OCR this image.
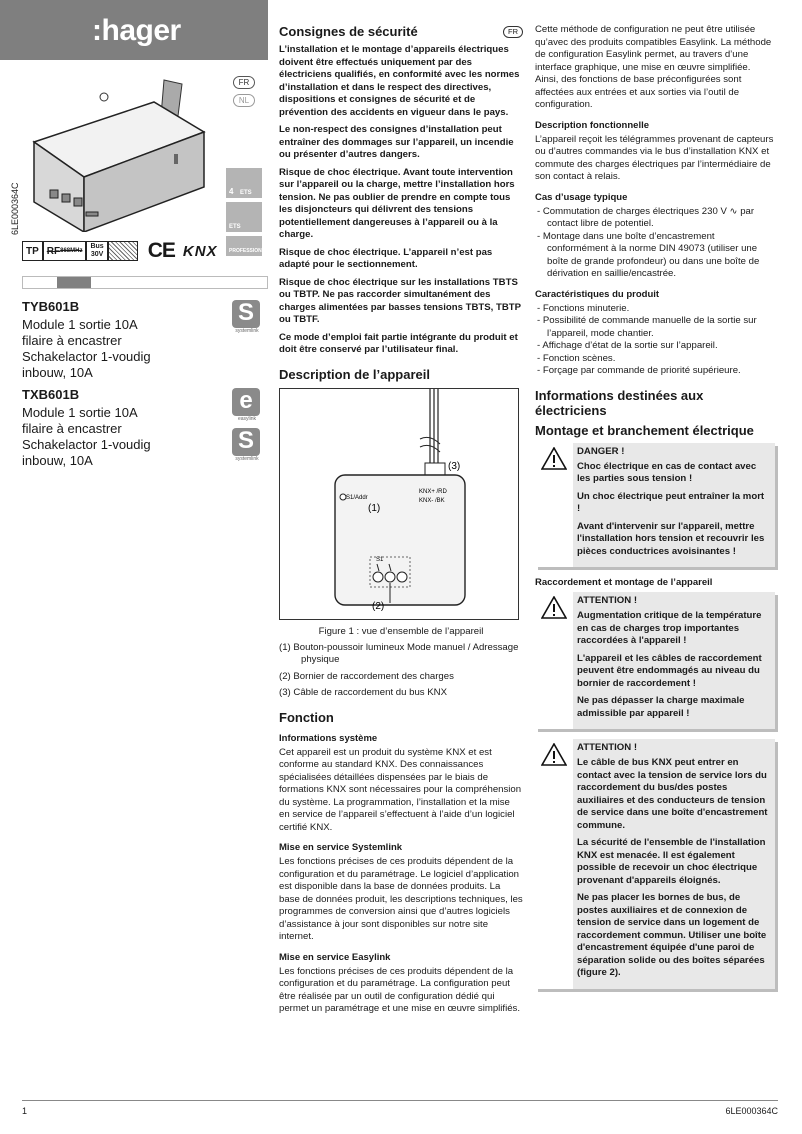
:hager
FR
NL
6LE000364C	4 ETS
ETS
PROFESSIONAL
TP RF 868MHz
Bus
30V CE KNX
TYB601B
Module 1 sortie 10A
filaire à encastrer
Schakelactor 1-voudig
inbouw, 10A
TXB601B
Module 1 sortie 10A
filaire à encastrer
Schakelactor 1-voudig
inbouw, 10A
S
systemlink
e
easylink
S
systemlink
Consignes de sécurité	FR

L’installation et le montage d’appareils électriques doivent être effectués uniquement par des électriciens qualifiés, en conformité avec les normes d’installation et dans le respect des directives, dispositions et consignes de sécurité et de prévention des accidents en vigueur dans le pays.

Le non-respect des consignes d’installation peut entraîner des dommages sur l’appareil, un incendie ou présenter d’autres dangers.

Risque de choc électrique. Avant toute intervention sur l’appareil ou la charge, mettre l’installation hors tension. Ne pas oublier de prendre en compte tous les disjoncteurs qui délivrent des tensions potentiellement dangereuses à l’appareil ou à la charge.

Risque de choc électrique. L’appareil n’est pas adapté pour le sectionnement.

Risque de choc électrique sur les installations TBTS ou TBTP. Ne pas raccorder simultanément des charges alimentées par basses tensions TBTS, TBTP ou TBTF.

Ce mode d’emploi fait partie intégrante du produit et doit être conservé par l’utilisateur final.

Description de l’appareil
S1/Addr
KNX+ /RD
KNX- /BK
S1
(1)
(2)
(3)
Figure 1 : vue d’ensemble de l’appareil
(1) Bouton-poussoir lumineux Mode manuel / Adressage physique
(2) Bornier de raccordement des charges
(3) Câble de raccordement du bus KNX
Fonction
Informations système

Cet appareil est un produit du système KNX et est conforme au standard KNX. Des connaissances spécialisées détaillées dispensées par le biais de formations KNX sont nécessaires pour la compréhension du système. La programmation, l’installation et la mise en service de l’appareil s’effectuent à l’aide d’un logiciel certifié KNX.

Mise en service Systemlink

Les fonctions précises de ces produits dépendent de la configuration et du paramétrage. Le logiciel d’application est disponible dans la base de données produits. La base de données produit, les descriptions techniques, les programmes de conversion ainsi que d’autres logiciels d’assistance à jour sont disponibles sur notre site internet.

Mise en service Easylink

Les fonctions précises de ces produits dépendent de la configuration et du paramétrage. La configuration peut être réalisée par un outil de configuration dédié qui permet un paramétrage et une mise en œuvre simplifiés.

Cette méthode de configuration ne peut être utilisée qu’avec des produits compatibles Easylink. La méthode de configuration Easylink permet, au travers d’une interface graphique, une mise en œuvre simplifiée. Ainsi, des fonctions de base préconfigurées sont affectées aux entrées et aux sorties via l’outil de configuration.

Description fonctionnelle

L’appareil reçoit les télégrammes provenant de capteurs ou d’autres commandes via le bus d’installation KNX et commute des charges électriques par l’intermédiaire de son contact à relais.

Cas d’usage typique
- Commutation de charges électriques 230 V ∿ par contact libre de potentiel.
- Montage dans une boîte d’encastrement conformément à la norme DIN 49073 (utiliser une boîte de grande profondeur) ou dans une boîte de dérivation en saillie/encastrée.
Caractéristiques du produit
- Fonctions minuterie.
- Possibilité de commande manuelle de la sortie sur l’appareil, mode chantier.
- Affichage d’état de la sortie sur l’appareil.
- Fonction scènes.
- Forçage par commande de priorité supérieure.
Informations destinées aux électriciens
Montage et branchement électrique
DANGER !

Choc électrique en cas de contact avec les parties sous tension !

Un choc électrique peut entraîner la mort !

Avant d'intervenir sur l'appareil, mettre l'installation hors tension et recouvrir les pièces conductrices avoisinantes !

Raccordement et montage de l’appareil
ATTENTION !

Augmentation critique de la température en cas de charges trop importantes raccordées à l'appareil !

L'appareil et les câbles de raccordement peuvent être endommagés au niveau du bornier de raccordement !

Ne pas dépasser la charge maximale admissible par appareil !

ATTENTION !

Le câble de bus KNX peut entrer en contact avec la tension de service lors du raccordement du bus/des postes auxiliaires et des conducteurs de tension de service dans une boîte d'encastrement commune.

La sécurité de l'ensemble de l'installation KNX est menacée. Il est également possible de recevoir un choc électrique provenant d'appareils éloignés.

Ne pas placer les bornes de bus, de postes auxiliaires et de connexion de tension de service dans un logement de raccordement commun. Utiliser une boîte d'encastrement équipée d'une paroi de séparation solide ou des boîtes séparées (figure 2).

1	6LE000364C
